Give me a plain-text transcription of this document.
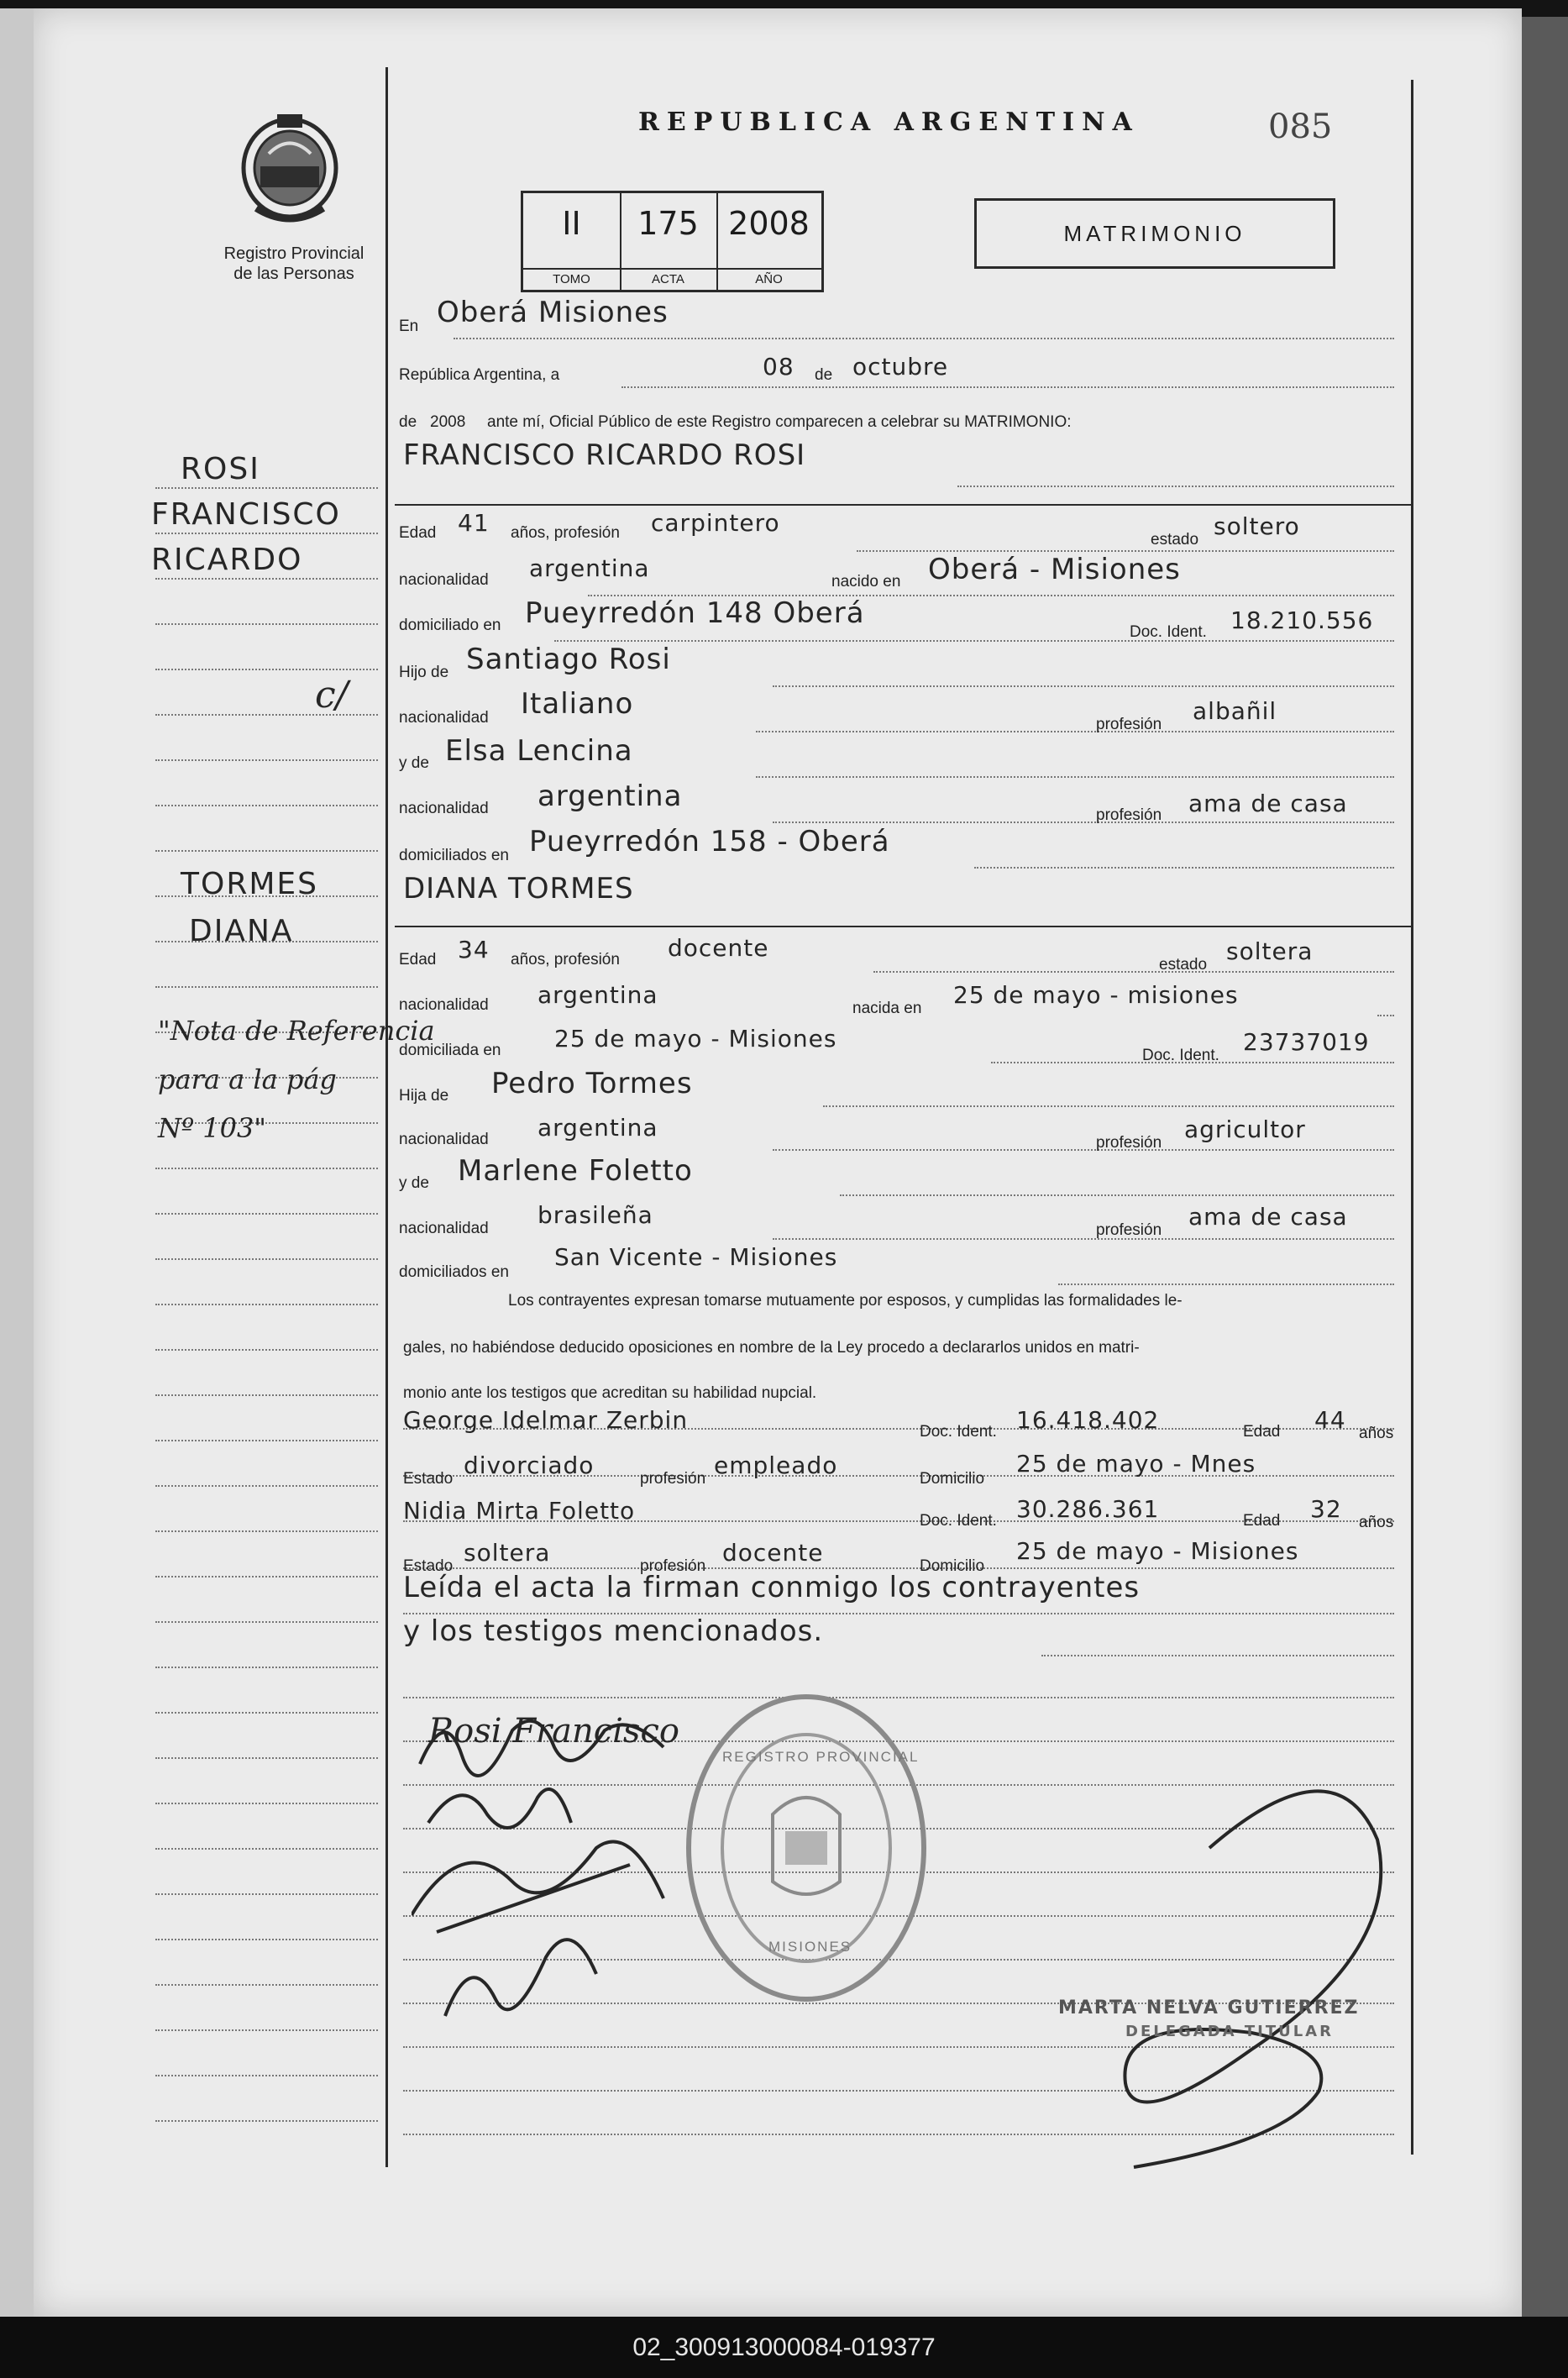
Registro Provincial
de las Personas
REPUBLICA ARGENTINA	085
II
TOMO
175
ACTA
2008
AÑO
MATRIMONIO
ROSI
FRANCISCO
RICARDO
c/
TORMES
DIANA
"Nota de Referencia
para a la pág
Nº 103"
En Oberá Misiones
República Argentina, a	08 de octubre
de 2008 ante mí, Oficial Público de este Registro comparecen a celebrar su MATRIMONIO:
FRANCISCO RICARDO ROSI
Edad 41 años, profesión carpintero
estado soltero
nacionalidad argentina	nacido en Oberá - Misiones
domiciliado en Pueyrredón 148 Oberá
Doc. Ident. 18.210.556
Hijo de Santiago Rosi
nacionalidad Italiano
profesión albañil
y de Elsa Lencina
nacionalidad argentina
profesión ama de casa
domiciliados en Pueyrredón 158 - Oberá
DIANA TORMES
Edad 34 años, profesión docente
estado soltera
nacionalidad argentina	nacida en 25 de mayo - misiones
domiciliada en 25 de mayo - Misiones
Doc. Ident. 23737019
Hija de Pedro Tormes
nacionalidad argentina
profesión agricultor
y de Marlene Foletto
nacionalidad brasileña
profesión ama de casa
domiciliados en
San Vicente - Misiones
Los contrayentes expresan tomarse mutuamente por esposos, y cumplidas las formalidades le-
gales, no habiéndose deducido oposiciones en nombre de la Ley procedo a declararlos unidos en matri-
monio ante los testigos que acreditan su habilidad nupcial.
George Idelmar Zerbin	Doc. Ident. 16.418.402	Edad 44 años
Estado divorciado	profesión empleado	Domicilio
25 de mayo - Mnes
Nidia Mirta Foletto	Doc. Ident. 30.286.361	Edad 32 años
Estado soltera	profesión docente	Domicilio
25 de mayo - Misiones
Leída el acta la firman conmigo los contrayentes
y los testigos mencionados.
Rosi Francisco
MARTA NELVA GUTIERREZ
DELEGADA TITULAR
REGISTRO PROVINCIAL
MISIONES
02_300913000084-019377
